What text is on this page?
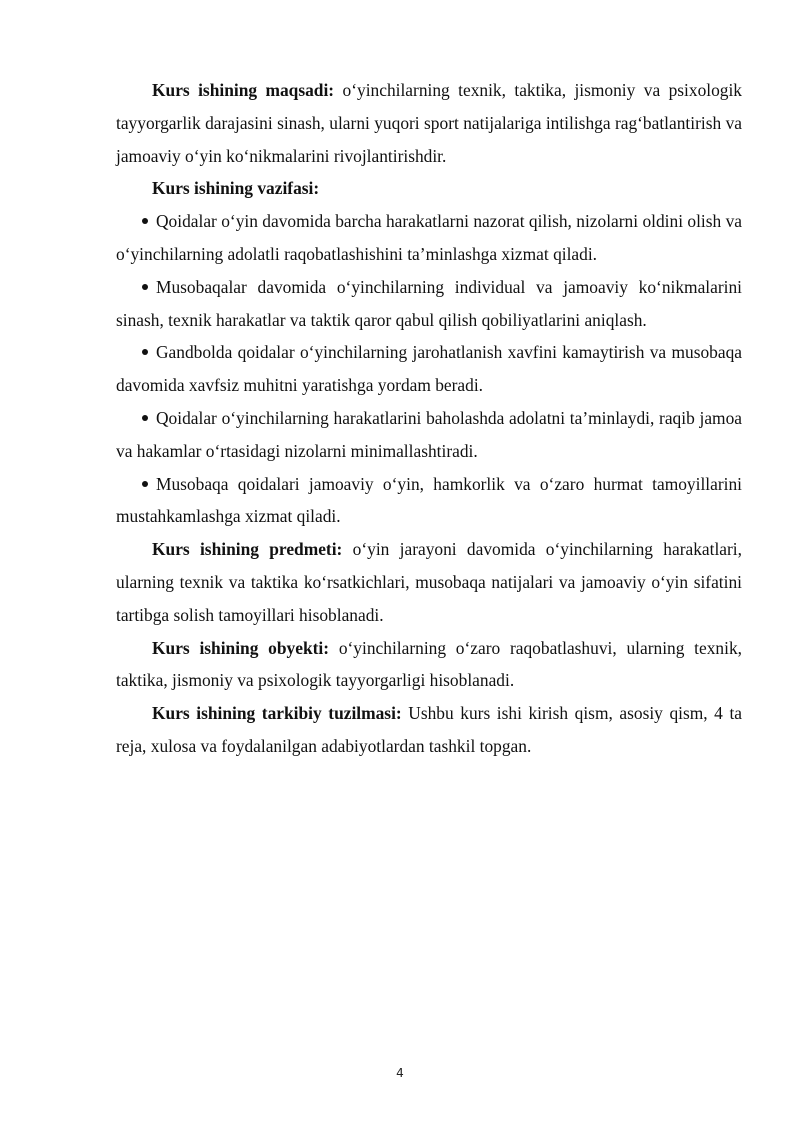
Kurs ishining maqsadi: o‘yinchilarning texnik, taktika, jismoniy va psixologik tayyorgarlik darajasini sinash, ularni yuqori sport natijalariga intilishga rag‘batlantirish va jamoaviy o‘yin ko‘nikmalarini rivojlantirishdir.

Kurs ishining vazifasi:

Qoidalar o‘yin davomida barcha harakatlarni nazorat qilish, nizolarni oldini olish va o‘yinchilarning adolatli raqobatlashishini ta’minlashga xizmat qiladi.

Musobaqalar davomida o‘yinchilarning individual va jamoaviy ko‘nikmalarini sinash, texnik harakatlar va taktik qaror qabul qilish qobiliyatlarini aniqlash.

Gandbolda qoidalar o‘yinchilarning jarohatlanish xavfini kamaytirish va musobaqa davomida xavfsiz muhitni yaratishga yordam beradi.

Qoidalar o‘yinchilarning harakatlarini baholashda adolatni ta’minlaydi, raqib jamoa va hakamlar o‘rtasidagi nizolarni minimallashtiradi.

Musobaqa qoidalari jamoaviy o‘yin, hamkorlik va o‘zaro hurmat tamoyillarini mustahkamlashga xizmat qiladi.

Kurs ishining predmeti: o‘yin jarayoni davomida o‘yinchilarning harakatlari, ularning texnik va taktika ko‘rsatkichlari, musobaqa natijalari va jamoaviy o‘yin sifatini tartibga solish tamoyillari hisoblanadi.

Kurs ishining obyekti: o‘yinchilarning o‘zaro raqobatlashuvi, ularning texnik, taktika, jismoniy va psixologik tayyorgarligi hisoblanadi.

Kurs ishining tarkibiy tuzilmasi: Ushbu kurs ishi kirish qism, asosiy qism, 4 ta reja, xulosa va foydalanilgan adabiyotlardan tashkil topgan.

4
